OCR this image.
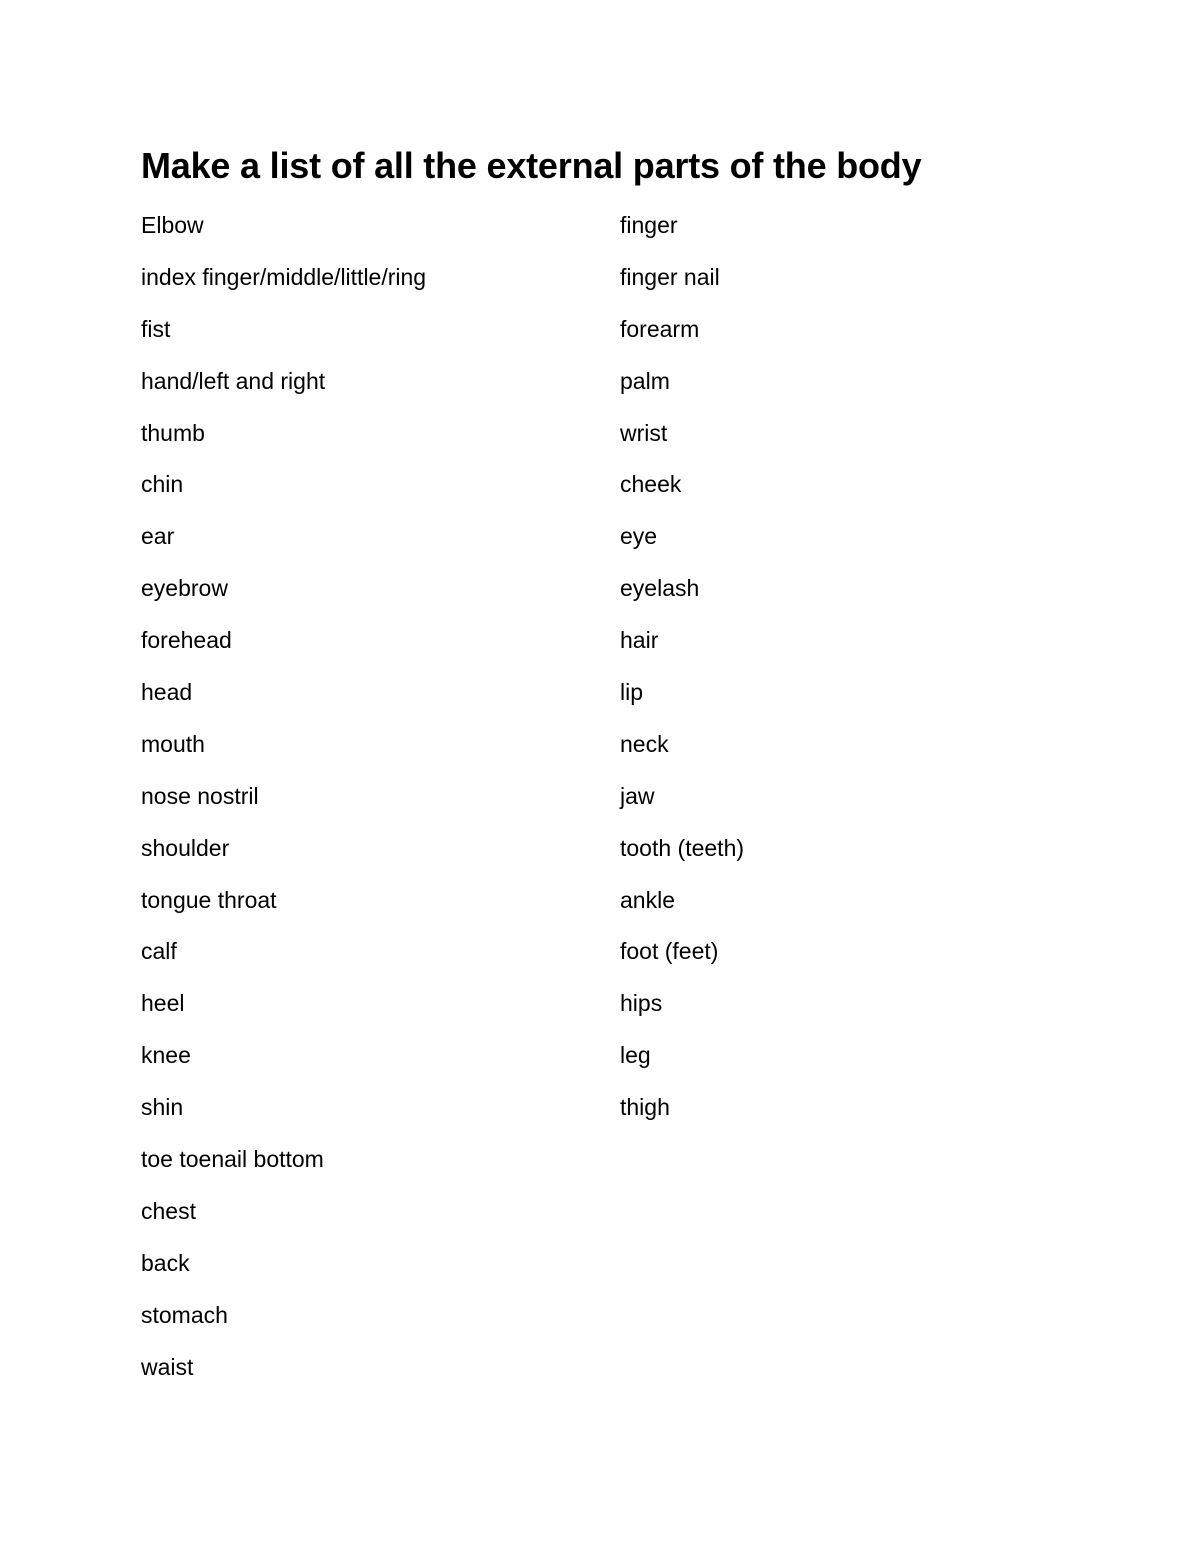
Make a list of all the external parts of the body
Elbow
index finger/middle/little/ring
fist
hand/left and right
thumb
chin
ear
eyebrow
forehead
head
mouth
nose nostril
shoulder
tongue throat
calf
heel
knee
shin
toe toenail bottom
chest
back
stomach
waist
finger
finger nail
forearm
palm
wrist
cheek
eye
eyelash
hair
lip
neck
jaw
tooth (teeth)
ankle
foot (feet)
hips
leg
thigh
